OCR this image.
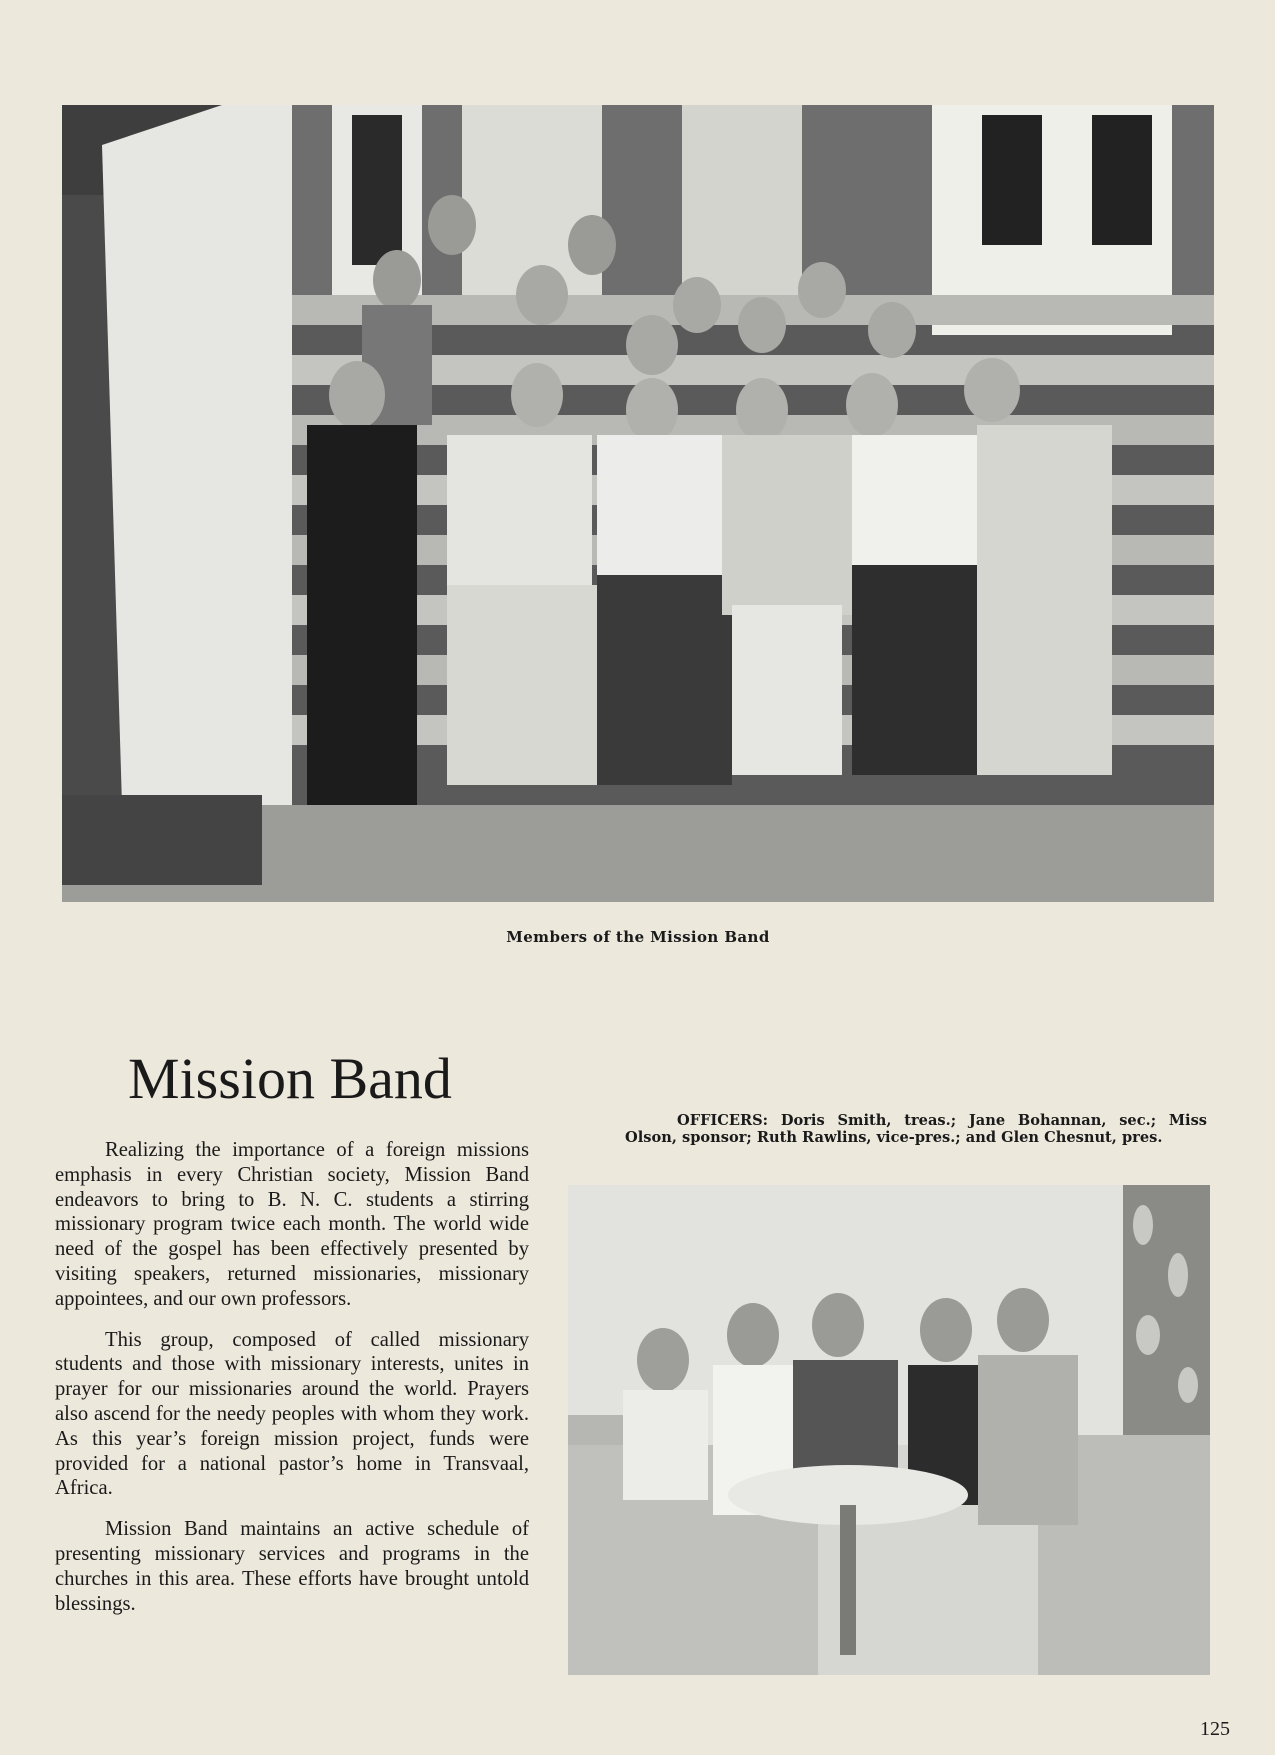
Members of the Mission Band
Mission Band

Realizing the importance of a foreign missions emphasis in every Christian society, Mission Band endeavors to bring to B. N. C. students a stirring missionary program twice each month. The world wide need of the gospel has been effectively presented by visiting speakers, returned missionaries, missionary appointees, and our own professors.

This group, composed of called missionary students and those with missionary interests, unites in prayer for our missionaries around the world. Prayers also ascend for the needy peoples with whom they work. As this year’s foreign mission project, funds were provided for a national pastor’s home in Transvaal, Africa.

Mission Band maintains an active schedule of presenting missionary services and programs in the churches in this area. These efforts have brought untold blessings.

OFFICERS: Doris Smith, treas.; Jane Bohannan, sec.; Miss Olson, sponsor; Ruth Rawlins, vice-pres.; and Glen Chesnut, pres.
125
